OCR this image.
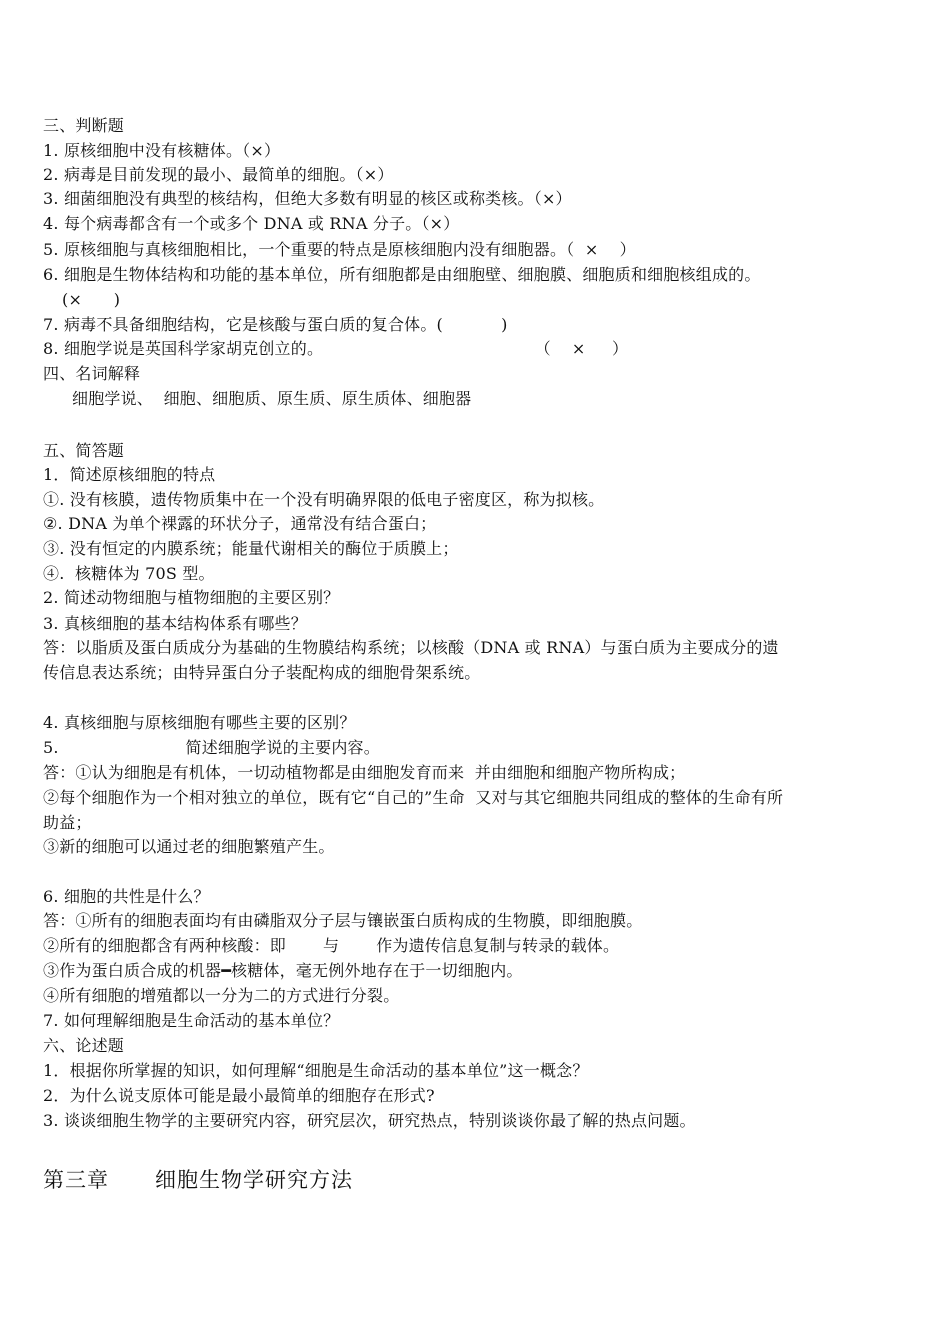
三、判断题
1. 原核细胞中没有核糖体。（×）
2. 病毒是目前发现的最小、最简单的细胞。（×）
3. 细菌细胞没有典型的核结构，但绝大多数有明显的核区或称类核。（×）
4. 每个病毒都含有一个或多个 DNA 或 RNA 分子。（×）
5. 原核细胞与真核细胞相比，一个重要的特点是原核细胞内没有细胞器。（  ×    ）
6. 细胞是生物体结构和功能的基本单位，所有细胞都是由细胞壁、细胞膜、细胞质和细胞核组成的。
(×      )
7. 病毒不具备细胞结构，它是核酸与蛋白质的复合体。(           )
8. 细胞学说是英国科学家胡克创立的。                                        （    ×     ）
四、名词解释
细胞学说、  细胞、细胞质、原生质、原生质体、细胞器
五、简答题
1．简述原核细胞的特点
①. 没有核膜，遗传物质集中在一个没有明确界限的低电子密度区，称为拟核。
②. DNA 为单个裸露的环状分子，通常没有结合蛋白；
③. 没有恒定的内膜系统；能量代谢相关的酶位于质膜上；
④.  核糖体为 70S 型。
2. 简述动物细胞与植物细胞的主要区别？
3. 真核细胞的基本结构体系有哪些？
答：以脂质及蛋白质成分为基础的生物膜结构系统；以核酸（DNA 或 RNA）与蛋白质为主要成分的遗
传信息表达系统；由特异蛋白分子装配构成的细胞骨架系统。
4. 真核细胞与原核细胞有哪些主要的区别？
5.                        简述细胞学说的主要内容。
答：①认为细胞是有机体，一切动植物都是由细胞发育而来  并由细胞和细胞产物所构成；
②每个细胞作为一个相对独立的单位，既有它“自己的”生命  又对与其它细胞共同组成的整体的生命有所
助益；
③新的细胞可以通过老的细胞繁殖产生。
6. 细胞的共性是什么？
答：①所有的细胞表面均有由磷脂双分子层与镶嵌蛋白质构成的生物膜，即细胞膜。
②所有的细胞都含有两种核酸：即       与       作为遗传信息复制与转录的载体。
③作为蛋白质合成的机器━核糖体，毫无例外地存在于一切细胞内。
④所有细胞的增殖都以一分为二的方式进行分裂。
7. 如何理解细胞是生命活动的基本单位？
六、论述题
1．根据你所掌握的知识，如何理解“细胞是生命活动的基本单位”这一概念？
2．为什么说支原体可能是最小最简单的细胞存在形式?
3. 谈谈细胞生物学的主要研究内容，研究层次，研究热点，特别谈谈你最了解的热点问题。
第三章      细胞生物学研究方法
